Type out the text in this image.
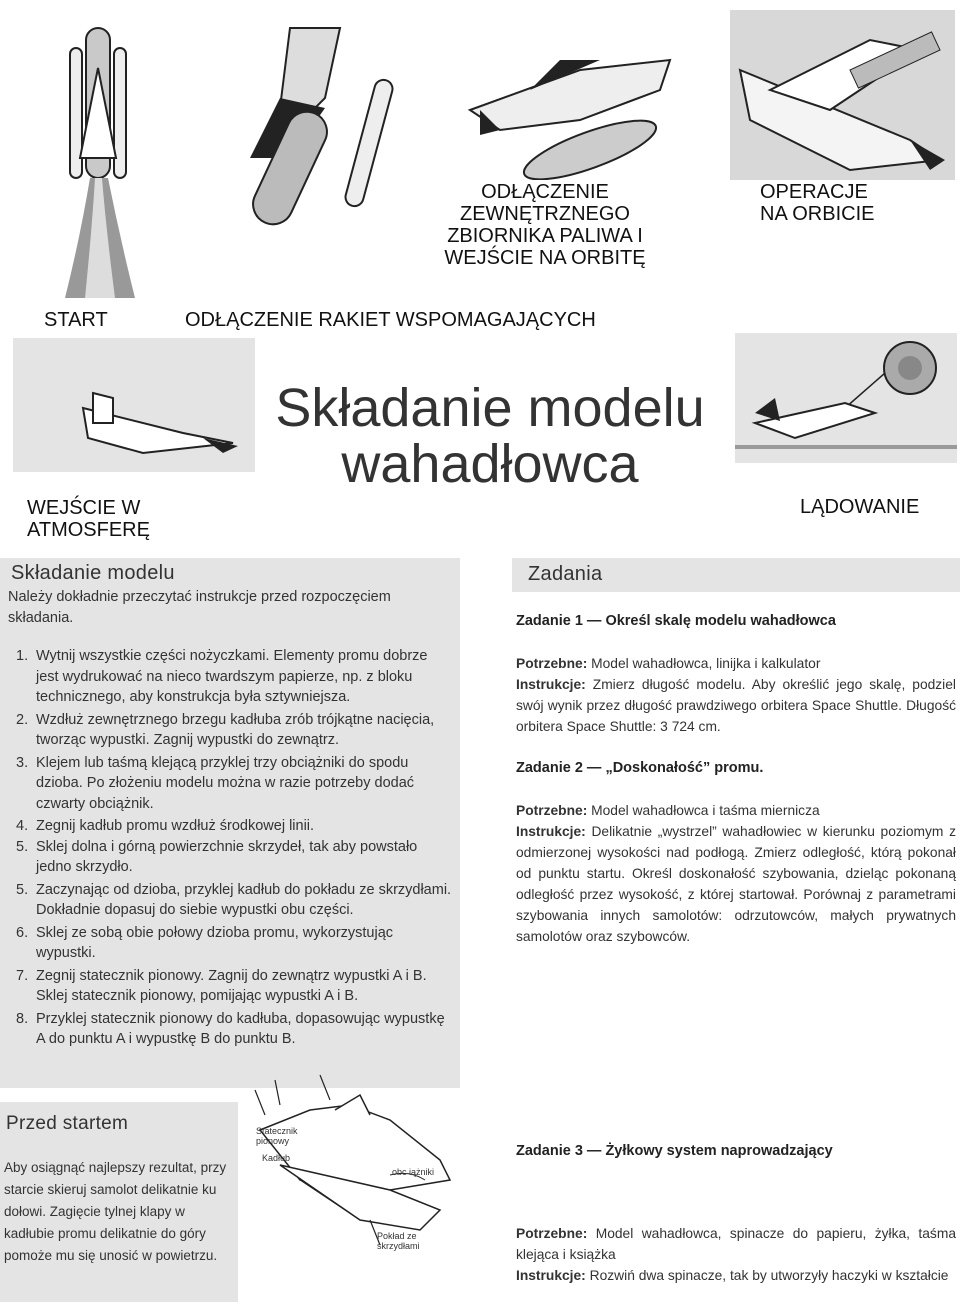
START	ODŁĄCZENIE RAKIET WSPOMAGAJĄCYCH
ODŁĄCZENIE ZEWNĘTRZNEGO ZBIORNIKA PALIWA I WEJŚCIE NA ORBITĘ
OPERACJE NA ORBICIE
WEJŚCIE W ATMOSFERĘ
LĄDOWANIE
Składanie modelu wahadłowca
Składanie modelu
Należy dokładnie przeczytać instrukcje przed rozpoczęciem składania.
1. Wytnij wszystkie części nożyczkami. Elementy promu dobrze jest wydrukować na nieco twardszym papierze, np. z bloku technicznego, aby konstrukcja była sztywniejsza.
2. Wzdłuż zewnętrznego brzegu kadłuba zrób trójkątne nacięcia, tworząc wypustki. Zagnij wypustki do zewnątrz.
3. Klejem lub taśmą klejącą przyklej trzy obciążniki do spodu dzioba. Po złożeniu modelu można w razie potrzeby dodać czwarty obciążnik.
4. Zegnij kadłub promu wzdłuż środkowej linii.
5. Sklej dolna i górną powierzchnie skrzydeł, tak aby powstało jedno skrzydło.
5. Zaczynając od dzioba, przyklej kadłub do pokładu ze skrzydłami. Dokładnie dopasuj do siebie wypustki obu części.
6. Sklej ze sobą obie połowy dzioba promu, wykorzystując wypustki.
7. Zegnij statecznik pionowy. Zagnij do zewnątrz wypustki A i B. Sklej statecznik pionowy, pomijając wypustki A i B.
8. Przyklej statecznik pionowy do kadłuba, dopasowując wypustkę A do punktu A i wypustkę B do punktu B.
Przed startem
Aby osiągnąć najlepszy rezultat, przy starcie skieruj samolot delikatnie ku dołowi. Zagięcie tylnej klapy w kadłubie promu delikatnie do góry pomoże mu się unosić w powietrzu.
Statecznik pionowy
Kadłub
obc iążniki
Pokład ze skrzydłami
Zadania
Zadanie 1 — Określ skalę modelu wahadłowca
Potrzebne: Model wahadłowca, linijka i kalkulator
Instrukcje: Zmierz długość modelu. Aby określić jego skalę, podziel swój wynik przez długość prawdziwego orbitera Space Shuttle. Długość orbitera Space Shuttle: 3 724 cm.
Zadanie 2 — „Doskonałość” promu.
Potrzebne: Model wahadłowca i taśma miernicza
Instrukcje: Delikatnie „wystrzel” wahadłowiec w kierunku poziomym z odmierzonej wysokości nad podłogą. Zmierz odległość, którą pokonał od punktu startu. Określ doskonałość szybowania, dzieląc pokonaną odległość przez wysokość, z której startował. Porównaj z parametrami szybowania innych samolotów: odrzutowców, małych prywatnych samolotów oraz szybowców.
Zadanie 3 — Żyłkowy system naprowadzający
Potrzebne: Model wahadłowca, spinacze do papieru, żyłka, taśma klejąca i książka
Instrukcje: Rozwiń dwa spinacze, tak by utworzyły haczyki w kształcie
